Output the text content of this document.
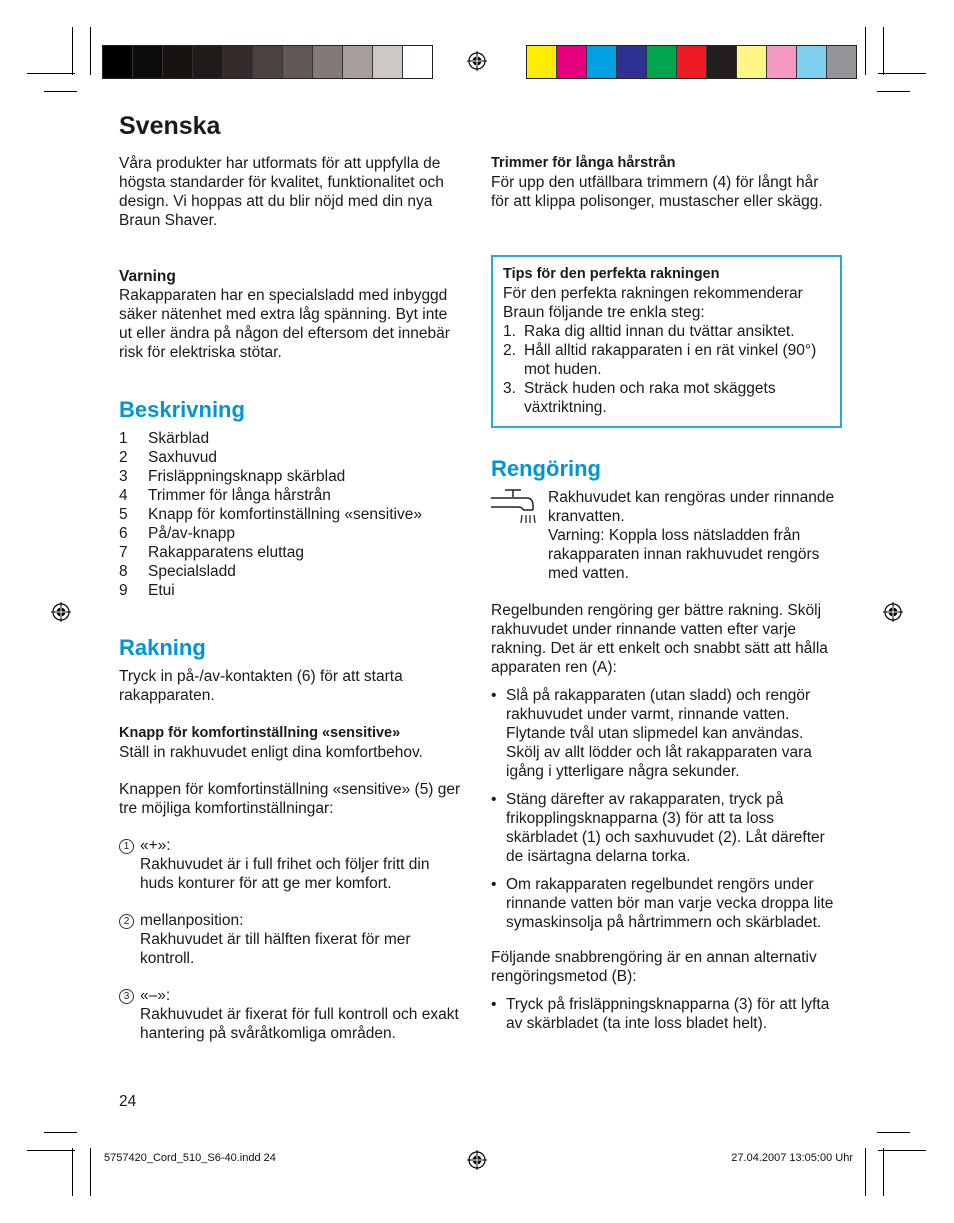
Svenska

Våra produkter har utformats för att uppfylla de högsta standarder för kvalitet, funktionalitet och design. Vi hoppas att du blir nöjd med din nya Braun Shaver.

Varning

Rakapparaten har en specialsladd med inbyggd säker nätenhet med extra låg spänning. Byt inte ut eller ändra på någon del eftersom det innebär risk för elektriska stötar.

Beskrivning
1	Skärblad
2	Saxhuvud
3	Frisläppningsknapp skärblad
4	Trimmer för långa hårstrån
5	Knapp för komfortinställning «sensitive»
6	På/av-knapp
7	Rakapparatens eluttag
8	Specialsladd
9	Etui
Rakning

Tryck in på-/av-kontakten (6) för att starta rakapparaten.

Knapp för komfortinställning «sensitive»

Ställ in rakhuvudet enligt dina komfortbehov.

Knappen för komfortinställning «sensitive» (5) ger tre möjliga komfortinställningar:

1 «+»:
Rakhuvudet är i full frihet och följer fritt din huds konturer för att ge mer komfort.
2 mellanposition:
Rakhuvudet är till hälften fixerat för mer kontroll.
3 «–»:
Rakhuvudet är fixerat för full kontroll och exakt hantering på svåråtkomliga områden.
24

Trimmer för långa hårstrån

För upp den utfällbara trimmern (4) för långt hår för att klippa polisonger, mustascher eller skägg.

Tips för den perfekta rakningen

För den perfekta rakningen rekommenderar Braun följande tre enkla steg:

1. Raka dig alltid innan du tvättar ansiktet.
2. Håll alltid rakapparaten i en rät vinkel (90°) mot huden.
3. Sträck huden och raka mot skäggets växtriktning.
Rengöring

Rakhuvudet kan rengöras under rinnande kranvatten.

Varning: Koppla loss nätsladden från rakapparaten innan rakhuvudet rengörs med vatten.

Regelbunden rengöring ger bättre rakning. Skölj rakhuvudet under rinnande vatten efter varje rakning. Det är ett enkelt och snabbt sätt att hålla apparaten ren (A):

• Slå på rakapparaten (utan sladd) och rengör rakhuvudet under varmt, rinnande vatten. Flytande tvål utan slipmedel kan användas. Skölj av allt lödder och låt rakapparaten vara igång i ytterligare några sekunder.
• Stäng därefter av rakapparaten, tryck på frikopplingsknapparna (3) för att ta loss skärbladet (1) och saxhuvudet (2). Låt därefter de isärtagna delarna torka.
• Om rakapparaten regelbundet rengörs under rinnande vatten bör man varje vecka droppa lite symaskinsolja på hårtrimmern och skärbladet.

Följande snabbrengöring är en annan alternativ rengöringsmetod (B):

• Tryck på frisläppningsknapparna (3) för att lyfta av skärbladet (ta inte loss bladet helt).
5757420_Cord_510_S6-40.indd 24	27.04.2007 13:05:00 Uhr
